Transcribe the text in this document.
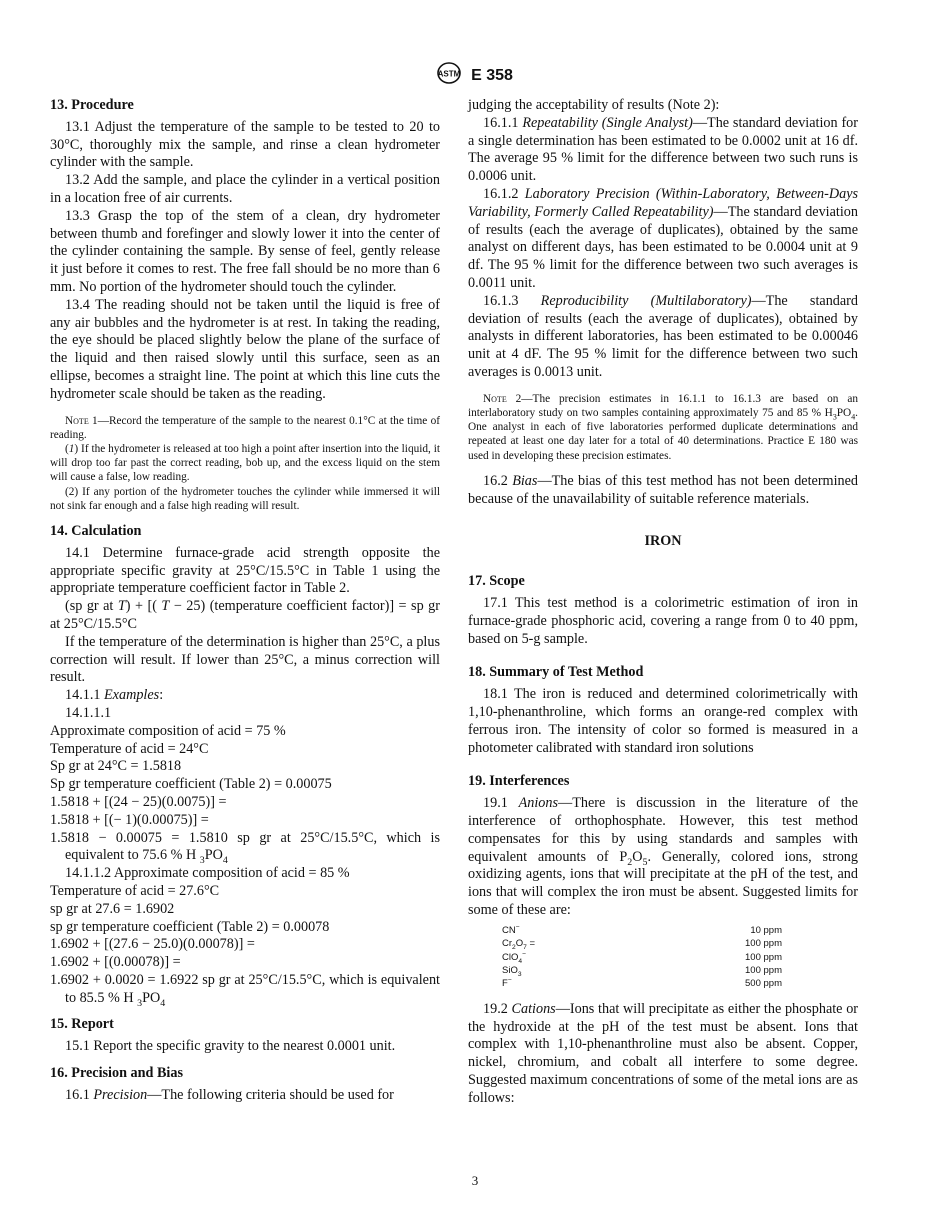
ASTM E 358
13. Procedure

13.1 Adjust the temperature of the sample to be tested to 20 to 30°C, thoroughly mix the sample, and rinse a clean hydrometer cylinder with the sample.

13.2 Add the sample, and place the cylinder in a vertical position in a location free of air currents.

13.3 Grasp the top of the stem of a clean, dry hydrometer between thumb and forefinger and slowly lower it into the center of the cylinder containing the sample. By sense of feel, gently release it just before it comes to rest. The free fall should be no more than 6 mm. No portion of the hydrometer should touch the cylinder.

13.4 The reading should not be taken until the liquid is free of any air bubbles and the hydrometer is at rest. In taking the reading, the eye should be placed slightly below the plane of the surface of the liquid and then raised slowly until this surface, seen as an ellipse, becomes a straight line. The point at which this line cuts the hydrometer scale should be taken as the reading.

Note 1—Record the temperature of the sample to the nearest 0.1°C at the time of reading.

(1) If the hydrometer is released at too high a point after insertion into the liquid, it will drop too far past the correct reading, bob up, and the excess liquid on the stem will cause a false, low reading.

(2) If any portion of the hydrometer touches the cylinder while immersed it will not sink far enough and a false high reading will result.

14. Calculation

14.1 Determine furnace-grade acid strength opposite the appropriate specific gravity at 25°C/15.5°C in Table 1 using the appropriate temperature coefficient factor in Table 2.

(sp gr at T) + [( T − 25) (temperature coefficient factor)] = sp gr at 25°C/15.5°C

If the temperature of the determination is higher than 25°C, a plus correction will result. If lower than 25°C, a minus correction will result.

14.1.1 Examples:

14.1.1.1

Approximate composition of acid = 75 %

Temperature of acid = 24°C

Sp gr at 24°C = 1.5818

Sp gr temperature coefficient (Table 2) = 0.00075

1.5818 + [(24 − 25)(0.0075)] =

1.5818 + [(− 1)(0.00075)] =

1.5818 − 0.00075 = 1.5810 sp gr at 25°C/15.5°C, which is equivalent to 75.6 % H $_3PO_4$

14.1.1.2 Approximate composition of acid = 85 %

Temperature of acid = 27.6°C

sp gr at 27.6 = 1.6902

sp gr temperature coefficient (Table 2) = 0.00078

1.6902 + [(27.6 − 25.0)(0.00078)] =

1.6902 + [(0.00078)] =

1.6902 + 0.0020 = 1.6922 sp gr at 25°C/15.5°C, which is equivalent to 85.5 % H $_3PO_4$

15. Report

15.1 Report the specific gravity to the nearest 0.0001 unit.

16. Precision and Bias

16.1 Precision—The following criteria should be used for

judging the acceptability of results (Note 2):

16.1.1 Repeatability (Single Analyst)—The standard deviation for a single determination has been estimated to be 0.0002 unit at 16 df. The average 95 % limit for the difference between two such runs is 0.0006 unit.

16.1.2 Laboratory Precision (Within-Laboratory, Between-Days Variability, Formerly Called Repeatability)—The standard deviation of results (each the average of duplicates), obtained by the same analyst on different days, has been estimated to be 0.0004 unit at 9 df. The 95 % limit for the difference between two such averages is 0.0011 unit.

16.1.3 Reproducibility (Multilaboratory)—The standard deviation of results (each the average of duplicates), obtained by analysts in different laboratories, has been estimated to be 0.00046 unit at 4 dF. The 95 % limit for the difference between two such averages is 0.0013 unit.

Note 2—The precision estimates in 16.1.1 to 16.1.3 are based on an interlaboratory study on two samples containing approximately 75 and 85 % $H_3PO_4$. One analyst in each of five laboratories performed duplicate determinations and repeated at least one day later for a total of 40 determinations. Practice E 180 was used in developing these precision estimates.

16.2 Bias—The bias of this test method has not been determined because of the unavailability of suitable reference materials.

IRON
17. Scope

17.1 This test method is a colorimetric estimation of iron in furnace-grade phosphoric acid, covering a range from 0 to 40 ppm, based on 5-g sample.

18. Summary of Test Method

18.1 The iron is reduced and determined colorimetrically with 1,10-phenanthroline, which forms an orange-red complex with ferrous iron. The intensity of color so formed is measured in a photometer calibrated with standard iron solutions

19. Interferences

19.1 Anions—There is discussion in the literature of the interference of orthophosphate. However, this test method compensates for this by using standards and samples with equivalent amounts of $P_2O_5$. Generally, colored ions, strong oxidizing agents, ions that will precipitate at the pH of the test, and ions that will complex the iron must be absent. Suggested limits for some of these are:

CN−	10 ppm
$Cr_2O_7$ =	100 ppm
ClO$_4$−	100 ppm
SiO$_3$	100 ppm
F−	500 ppm

19.2 Cations—Ions that will precipitate as either the phosphate or the hydroxide at the pH of the test must be absent. Ions that complex with 1,10-phenanthroline must also be absent. Copper, nickel, chromium, and cobalt all interfere to some degree. Suggested maximum concentrations of some of the metal ions are as follows:

3
